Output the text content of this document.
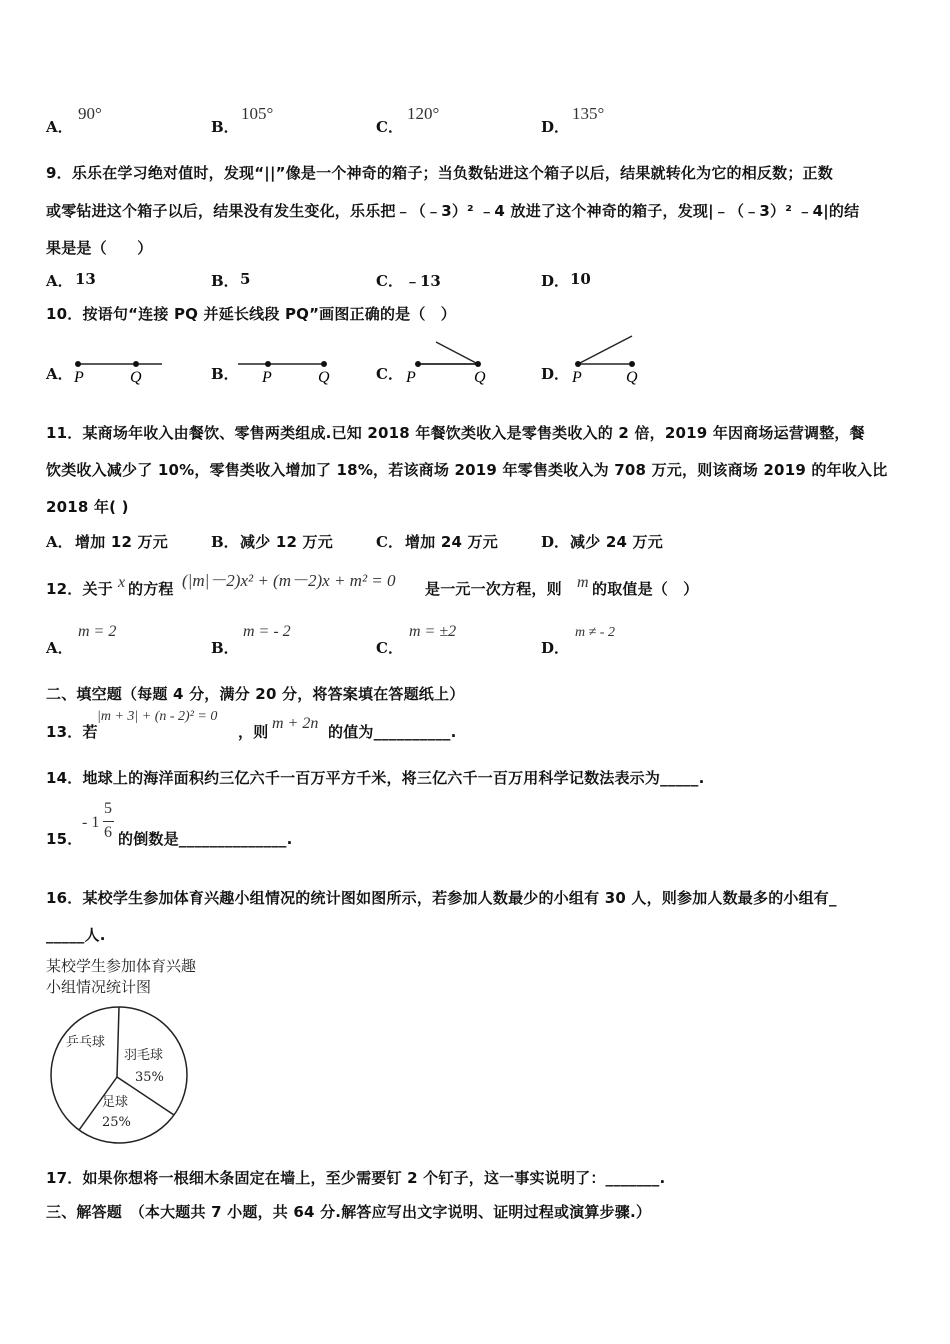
A．
90°
B．
105°
C．
120°
D．
135°
9．乐乐在学习绝对值时，发现“||”像是一个神奇的箱子；当负数钻进这个箱子以后，结果就转化为它的相反数；正数
或零钻进这个箱子以后，结果没有发生变化，乐乐把﹣（﹣3）² ﹣4 放进了这个神奇的箱子，发现|﹣（﹣3）² ﹣4|的结
果是是（　　）
A． 13	B． 5	C． ﹣13	D． 10
10．按语句“连接 PQ 并延长线段 PQ”画图正确的是（　）
A． P	Q	B． P	Q	C． P	Q	D． P	Q
11．某商场年收入由餐饮、零售两类组成.已知 2018 年餐饮类收入是零售类收入的 2 倍，2019 年因商场运营调整，餐
饮类收入减少了 10%，零售类收入增加了 18%，若该商场 2019 年零售类收入为 708 万元，则该商场 2019 的年收入比
2018 年( )
A． 增加 12 万元	B． 减少 12 万元	C． 增加 24 万元	D． 减少 24 万元
12．关于 x 的方程 (|m|－2)x² + (m－2)x + m² = 0 是一元一次方程，则 m 的取值是（　）
A．
m = 2
B．
m = - 2
C．
m = ±2
D．
m ≠ - 2
二、填空题（每题 4 分，满分 20 分，将答案填在答题纸上）
13．若
|m + 3| + (n - 2)² = 0
，则 m + 2n 的值为__________.
14．地球上的海洋面积约三亿六千一百万平方千米，将三亿六千一百万用科学记数法表示为_____.
15．
- 1
5
6 的倒数是______________.
16．某校学生参加体育兴趣小组情况的统计图如图所示，若参加人数最少的小组有 30 人，则参加人数最多的小组有_
_____人.
某校学生参加体育兴趣
小组情况统计图
乒乓球
羽毛球
35%
足球
25%
17．如果你想将一根细木条固定在墙上，至少需要钉 2 个钉子，这一事实说明了：_______.
三、解答题　（本大题共 7 小题，共 64 分.解答应写出文字说明、证明过程或演算步骤.）
